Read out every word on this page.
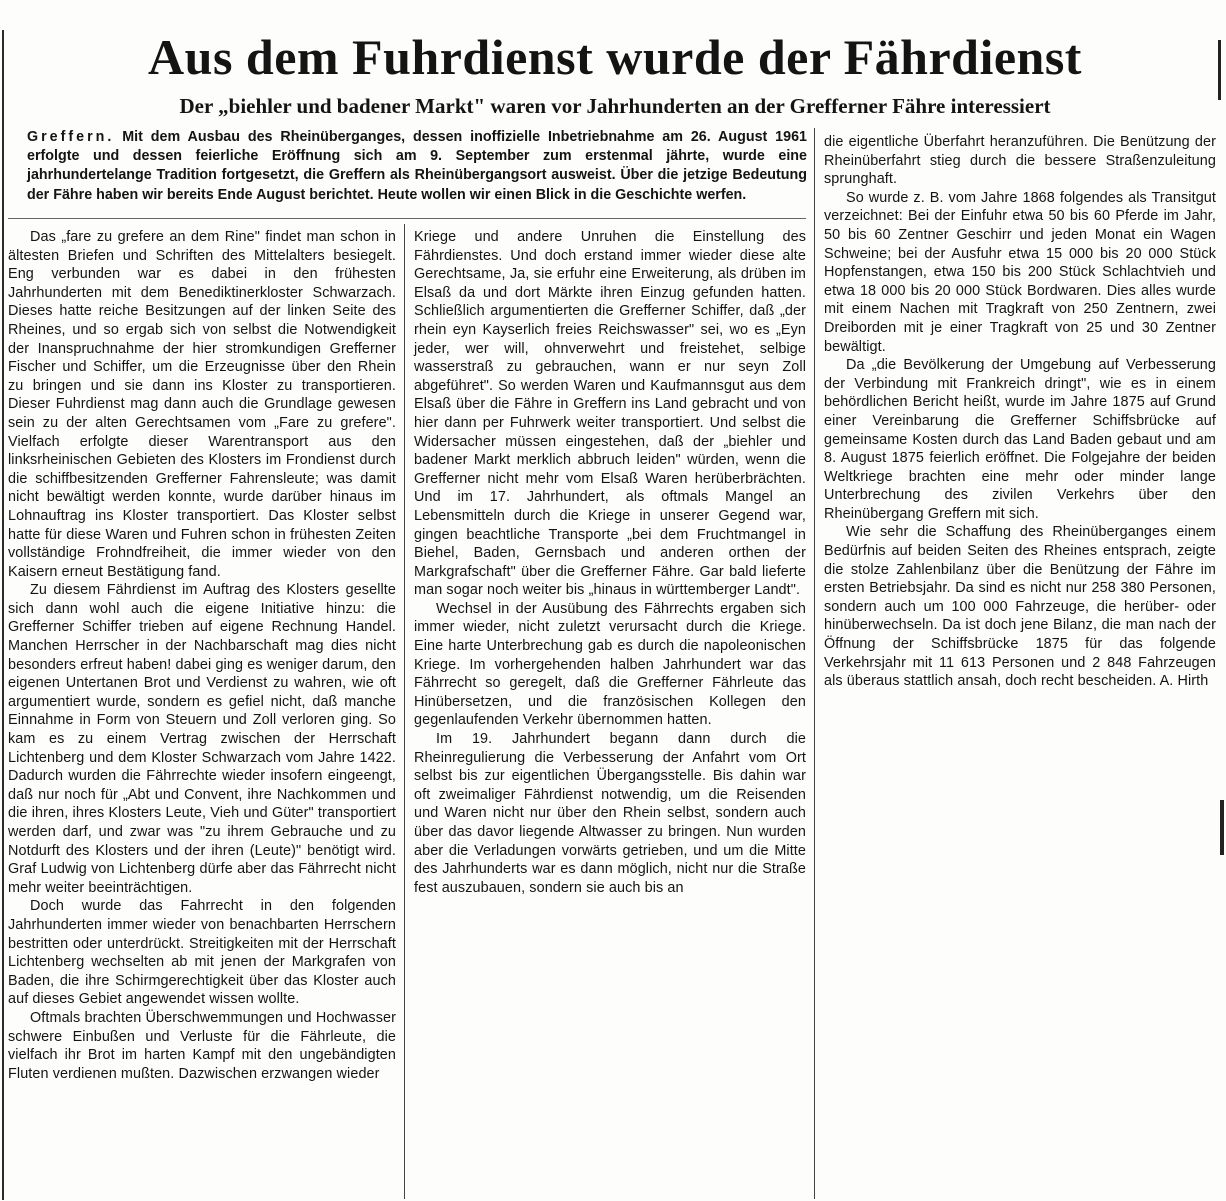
Aus dem Fuhrdienst wurde der Fährdienst
Der „biehler und badener Markt" waren vor Jahrhunderten an der Grefferner Fähre interessiert
Greffern. Mit dem Ausbau des Rheinüberganges, dessen inoffizielle Inbetriebnahme am 26. August 1961 erfolgte und dessen feierliche Eröffnung sich am 9. September zum erstenmal jährte, wurde eine jahrhundertelange Tradition fortgesetzt, die Greffern als Rheinübergangsort ausweist. Über die jetzige Bedeutung der Fähre haben wir bereits Ende August berichtet. Heute wollen wir einen Blick in die Geschichte werfen.

Das „fare zu grefere an dem Rine" findet man schon in ältesten Briefen und Schriften des Mittelalters besiegelt. Eng verbunden war es dabei in den frühesten Jahrhunderten mit dem Benediktinerkloster Schwarzach. Dieses hatte reiche Besitzungen auf der linken Seite des Rheines, und so ergab sich von selbst die Notwendigkeit der Inanspruchnahme der hier stromkundigen Grefferner Fischer und Schiffer, um die Erzeugnisse über den Rhein zu bringen und sie dann ins Kloster zu transportieren. Dieser Fuhrdienst mag dann auch die Grundlage gewesen sein zu der alten Gerechtsamen vom „Fare zu grefere". Vielfach erfolgte dieser Warentransport aus den linksrheinischen Gebieten des Klosters im Frondienst durch die schiffbesitzenden Grefferner Fahrensleute; was damit nicht bewältigt werden konnte, wurde darüber hinaus im Lohnauftrag ins Kloster transportiert. Das Kloster selbst hatte für diese Waren und Fuhren schon in frühesten Zeiten vollständige Frohndfreiheit, die immer wieder von den Kaisern erneut Bestätigung fand.

Zu diesem Fährdienst im Auftrag des Klosters gesellte sich dann wohl auch die eigene Initiative hinzu: die Grefferner Schiffer trieben auf eigene Rechnung Handel. Manchen Herrscher in der Nachbarschaft mag dies nicht besonders erfreut haben! dabei ging es weniger darum, den eigenen Untertanen Brot und Verdienst zu wahren, wie oft argumentiert wurde, sondern es gefiel nicht, daß manche Einnahme in Form von Steuern und Zoll verloren ging. So kam es zu einem Vertrag zwischen der Herrschaft Lichtenberg und dem Kloster Schwarzach vom Jahre 1422. Dadurch wurden die Fährrechte wieder insofern eingeengt, daß nur noch für „Abt und Convent, ihre Nachkommen und die ihren, ihres Klosters Leute, Vieh und Güter" transportiert werden darf, und zwar was "zu ihrem Gebrauche und zu Notdurft des Klosters und der ihren (Leute)" benötigt wird. Graf Ludwig von Lichtenberg dürfe aber das Fährrecht nicht mehr weiter beeinträchtigen.

Doch wurde das Fahrrecht in den folgenden Jahrhunderten immer wieder von benachbarten Herrschern bestritten oder unterdrückt. Streitigkeiten mit der Herrschaft Lichtenberg wechselten ab mit jenen der Markgrafen von Baden, die ihre Schirmgerechtigkeit über das Kloster auch auf dieses Gebiet angewendet wissen wollte.

Oftmals brachten Überschwemmungen und Hochwasser schwere Einbußen und Verluste für die Fährleute, die vielfach ihr Brot im harten Kampf mit den ungebändigten Fluten verdienen mußten. Dazwischen erzwangen wieder

Kriege und andere Unruhen die Einstellung des Fährdienstes. Und doch erstand immer wieder diese alte Gerechtsame, Ja, sie erfuhr eine Erweiterung, als drüben im Elsaß da und dort Märkte ihren Einzug gefunden hatten. Schließlich argumentierten die Grefferner Schiffer, daß „der rhein eyn Kayserlich freies Reichswasser" sei, wo es „Eyn jeder, wer will, ohnverwehrt und freistehet, selbige wasserstraß zu gebrauchen, wann er nur seyn Zoll abgeführet". So werden Waren und Kaufmannsgut aus dem Elsaß über die Fähre in Greffern ins Land gebracht und von hier dann per Fuhrwerk weiter transportiert. Und selbst die Widersacher müssen eingestehen, daß der „biehler und badener Markt merklich abbruch leiden" würden, wenn die Grefferner nicht mehr vom Elsaß Waren herüberbrächten. Und im 17. Jahrhundert, als oftmals Mangel an Lebensmitteln durch die Kriege in unserer Gegend war, gingen beachtliche Transporte „bei dem Fruchtmangel in Biehel, Baden, Gernsbach und anderen orthen der Markgrafschaft" über die Grefferner Fähre. Gar bald lieferte man sogar noch weiter bis „hinaus in württemberger Landt".

Wechsel in der Ausübung des Fährrechts ergaben sich immer wieder, nicht zuletzt verursacht durch die Kriege. Eine harte Unterbrechung gab es durch die napoleonischen Kriege. Im vorhergehenden halben Jahrhundert war das Fährrecht so geregelt, daß die Grefferner Fährleute das Hinübersetzen, und die französischen Kollegen den gegenlaufenden Verkehr übernommen hatten.

Im 19. Jahrhundert begann dann durch die Rheinregulierung die Verbesserung der Anfahrt vom Ort selbst bis zur eigentlichen Übergangsstelle. Bis dahin war oft zweimaliger Fährdienst notwendig, um die Reisenden und Waren nicht nur über den Rhein selbst, sondern auch über das davor liegende Altwasser zu bringen. Nun wurden aber die Verladungen vorwärts getrieben, und um die Mitte des Jahrhunderts war es dann möglich, nicht nur die Straße fest auszubauen, sondern sie auch bis an

die eigentliche Überfahrt heranzuführen. Die Benützung der Rheinüberfahrt stieg durch die bessere Straßenzuleitung sprunghaft.

So wurde z. B. vom Jahre 1868 folgendes als Transitgut verzeichnet: Bei der Einfuhr etwa 50 bis 60 Pferde im Jahr, 50 bis 60 Zentner Geschirr und jeden Monat ein Wagen Schweine; bei der Ausfuhr etwa 15 000 bis 20 000 Stück Hopfenstangen, etwa 150 bis 200 Stück Schlachtvieh und etwa 18 000 bis 20 000 Stück Bordwaren. Dies alles wurde mit einem Nachen mit Tragkraft von 250 Zentnern, zwei Dreiborden mit je einer Tragkraft von 25 und 30 Zentner bewältigt.

Da „die Bevölkerung der Umgebung auf Verbesserung der Verbindung mit Frankreich dringt", wie es in einem behördlichen Bericht heißt, wurde im Jahre 1875 auf Grund einer Vereinbarung die Grefferner Schiffsbrücke auf gemeinsame Kosten durch das Land Baden gebaut und am 8. August 1875 feierlich eröffnet. Die Folgejahre der beiden Weltkriege brachten eine mehr oder minder lange Unterbrechung des zivilen Verkehrs über den Rheinübergang Greffern mit sich.

Wie sehr die Schaffung des Rheinüberganges einem Bedürfnis auf beiden Seiten des Rheines entsprach, zeigte die stolze Zahlenbilanz über die Benützung der Fähre im ersten Betriebsjahr. Da sind es nicht nur 258 380 Personen, sondern auch um 100 000 Fahrzeuge, die herüber- oder hinüberwechseln. Da ist doch jene Bilanz, die man nach der Öffnung der Schiffsbrücke 1875 für das folgende Verkehrsjahr mit 11 613 Personen und 2 848 Fahrzeugen als überaus stattlich ansah, doch recht bescheiden. A. Hirth
